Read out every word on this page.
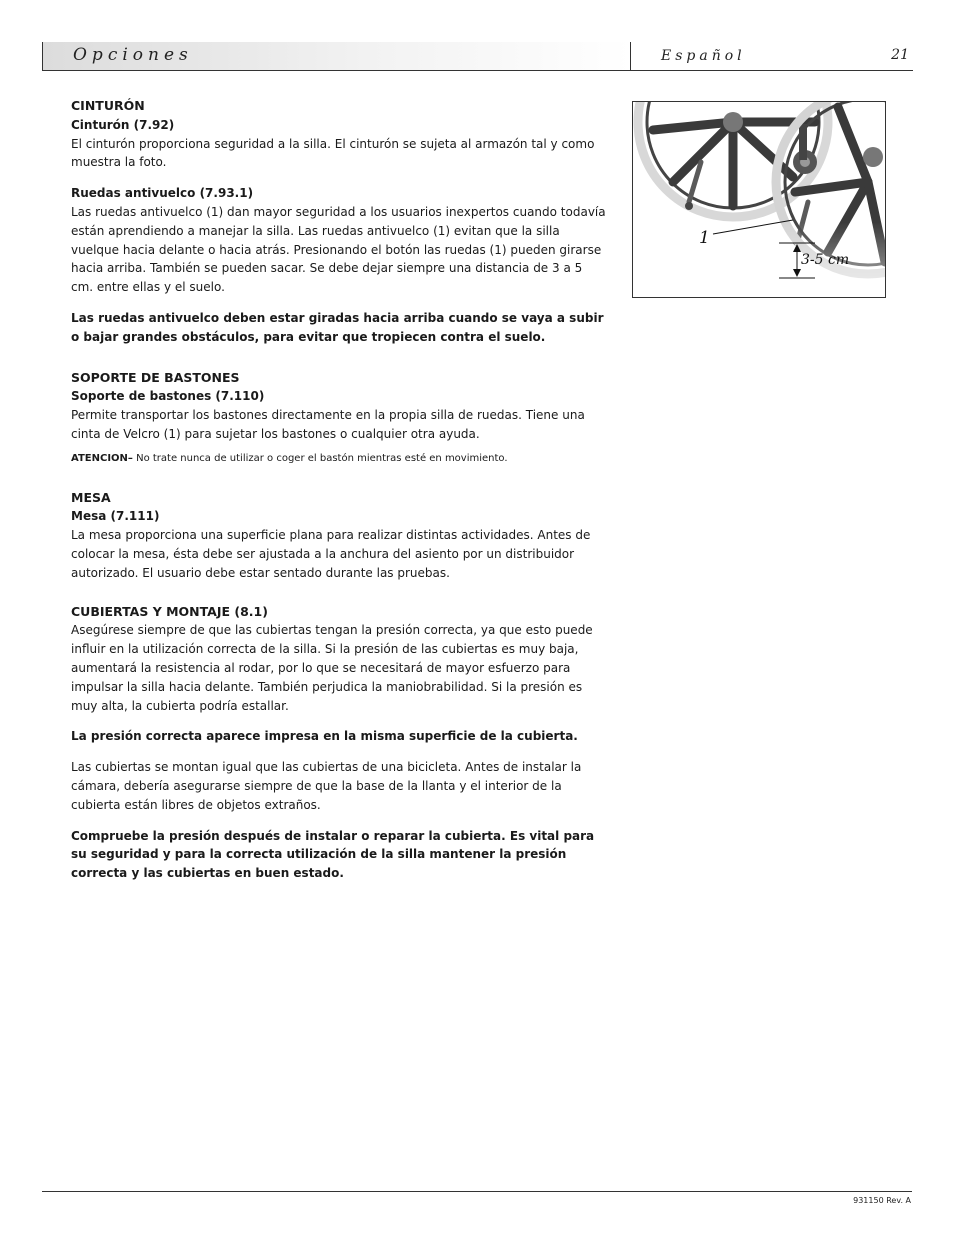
Opciones	Español	21

CINTURÓN

Cinturón (7.92)

El cinturón proporciona seguridad a la silla. El cinturón se sujeta al armazón tal y como muestra la foto.

Ruedas antivuelco (7.93.1)

Las ruedas antivuelco (1) dan mayor seguridad a los usuarios inexpertos cuando todavía están aprendiendo a manejar la silla. Las ruedas antivuelco (1) evitan que la silla vuelque hacia delante o hacia atrás. Presionando el botón las ruedas (1) pueden girarse hacia arriba. También se pueden sacar. Se debe dejar siempre una distancia de 3 a 5 cm. entre ellas y el suelo.

Las ruedas antivuelco deben estar giradas hacia arriba cuando se vaya a subir o bajar grandes obstáculos, para evitar que tropiecen contra el suelo.

SOPORTE DE BASTONES

Soporte de bastones (7.110)

Permite transportar los bastones directamente en la propia silla de ruedas. Tiene una cinta de Velcro (1) para sujetar los bastones o cualquier otra ayuda.

ATENCION– No trate nunca de utilizar o coger el bastón mientras esté en movimiento.

MESA

Mesa (7.111)

La mesa proporciona una superficie plana para realizar distintas actividades. Antes de colocar la mesa, ésta debe ser ajustada a la anchura del asiento por un distribuidor autorizado. El usuario debe estar sentado durante las pruebas.

CUBIERTAS Y MONTAJE (8.1)

Asegúrese siempre de que las cubiertas tengan la presión correcta, ya que esto puede influir en la utilización correcta de la silla. Si la presión de las cubiertas es muy baja, aumentará la resistencia al rodar, por lo que se necesitará de mayor esfuerzo para impulsar la silla hacia delante. También perjudica la maniobrabilidad. Si la presión es muy alta, la cubierta podría estallar.

La presión correcta aparece impresa en la misma superficie de la cubierta.

Las cubiertas se montan igual que las cubiertas de una bicicleta. Antes de instalar la cámara, debería asegurarse siempre de que la base de la llanta y el interior de la cubierta están libres de objetos extraños.

Compruebe la presión después de instalar o reparar la cubierta. Es vital para su seguridad y para la correcta utilización de la silla mantener la presión correcta y las cubiertas en buen estado.

1
3-5 cm
931150 Rev. A
